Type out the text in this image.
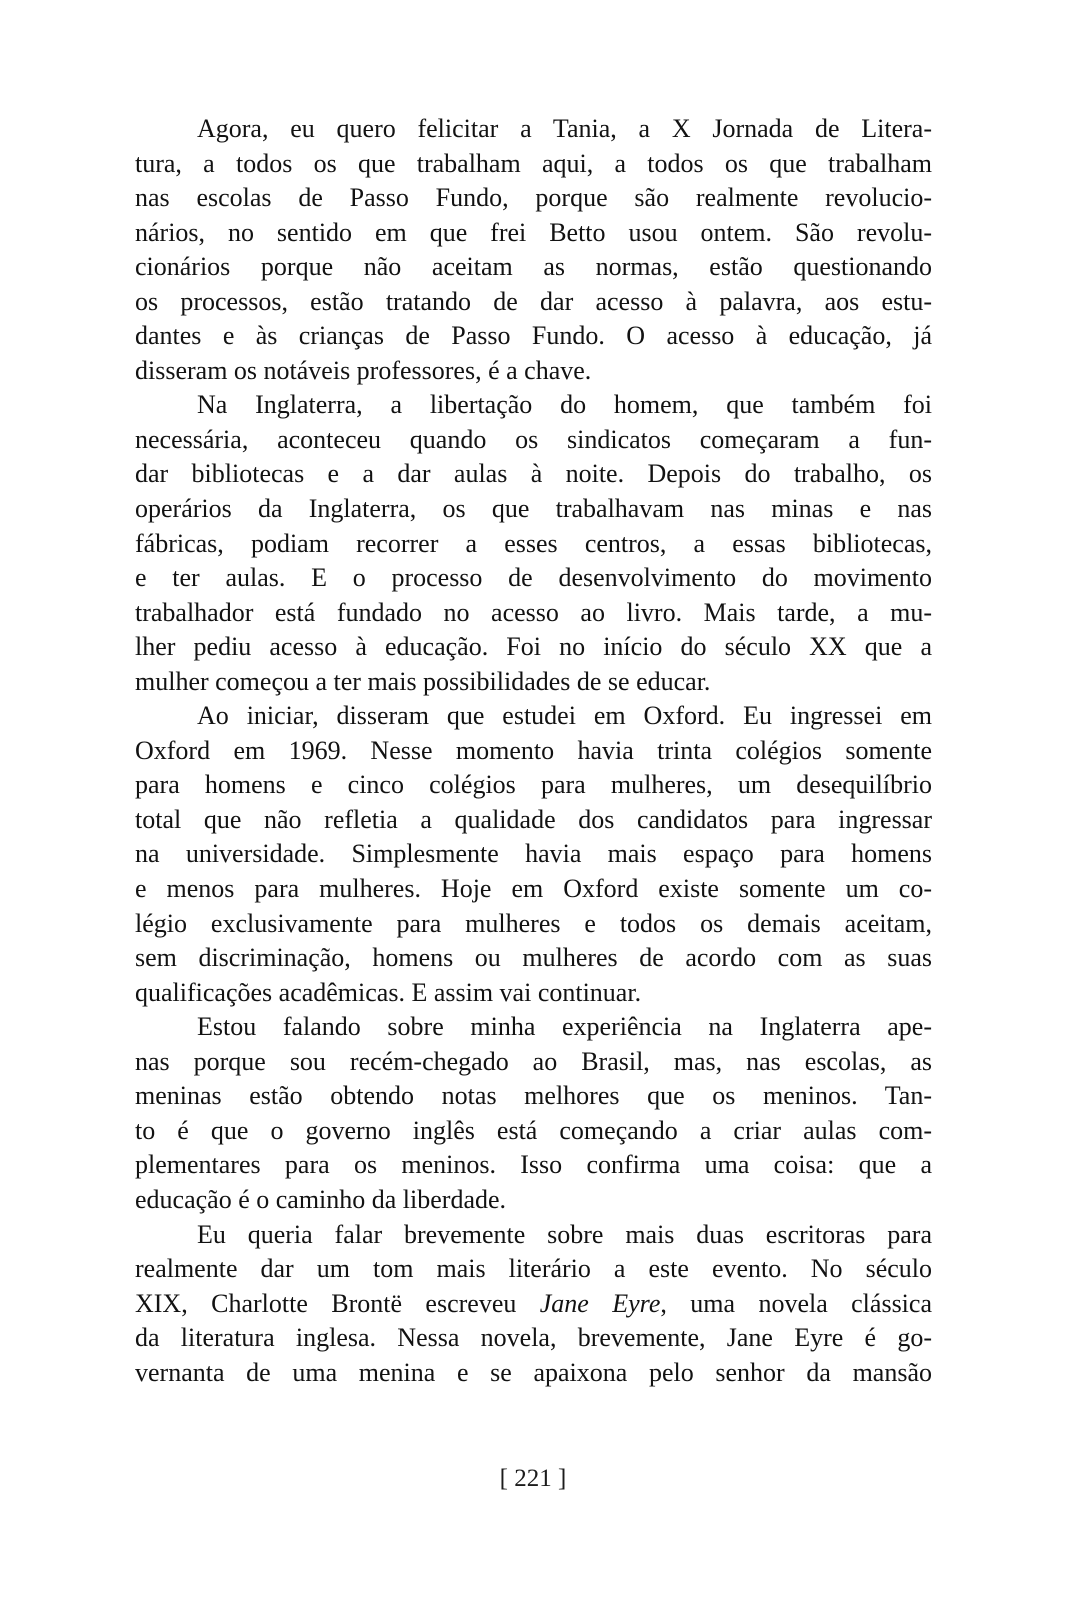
Agora, eu quero felicitar a Tania, a X Jornada de Litera-
tura, a todos os que trabalham aqui, a todos os que trabalham
nas escolas de Passo Fundo, porque são realmente revolucio-
nários, no sentido em que frei Betto usou ontem. São revolu-
cionários porque não aceitam as normas, estão questionando
os processos, estão tratando de dar acesso à palavra, aos estu-
dantes e às crianças de Passo Fundo. O acesso à educação, já
disseram os notáveis professores, é a chave.
Na Inglaterra, a libertação do homem, que também foi
necessária, aconteceu quando os sindicatos começaram a fun-
dar bibliotecas e a dar aulas à noite. Depois do trabalho, os
operários da Inglaterra, os que trabalhavam nas minas e nas
fábricas, podiam recorrer a esses centros, a essas bibliotecas,
e ter aulas. E o processo de desenvolvimento do movimento
trabalhador está fundado no acesso ao livro. Mais tarde, a mu-
lher pediu acesso à educação. Foi no início do século XX que a
mulher começou a ter mais possibilidades de se educar.
Ao iniciar, disseram que estudei em Oxford. Eu ingressei em
Oxford em 1969. Nesse momento havia trinta colégios somente
para homens e cinco colégios para mulheres, um desequilíbrio
total que não refletia a qualidade dos candidatos para ingressar
na universidade. Simplesmente havia mais espaço para homens
e menos para mulheres. Hoje em Oxford existe somente um co-
légio exclusivamente para mulheres e todos os demais aceitam,
sem discriminação, homens ou mulheres de acordo com as suas
qualificações acadêmicas. E assim vai continuar.
Estou falando sobre minha experiência na Inglaterra ape-
nas porque sou recém-chegado ao Brasil, mas, nas escolas, as
meninas estão obtendo notas melhores que os meninos. Tan-
to é que o governo inglês está começando a criar aulas com-
plementares para os meninos. Isso confirma uma coisa: que a
educação é o caminho da liberdade.
Eu queria falar brevemente sobre mais duas escritoras para
realmente dar um tom mais literário a este evento. No século
XIX, Charlotte Brontë escreveu Jane Eyre, uma novela clássica
da literatura inglesa. Nessa novela, brevemente, Jane Eyre é go-
vernanta de uma menina e se apaixona pelo senhor da mansão
[ 221 ]
